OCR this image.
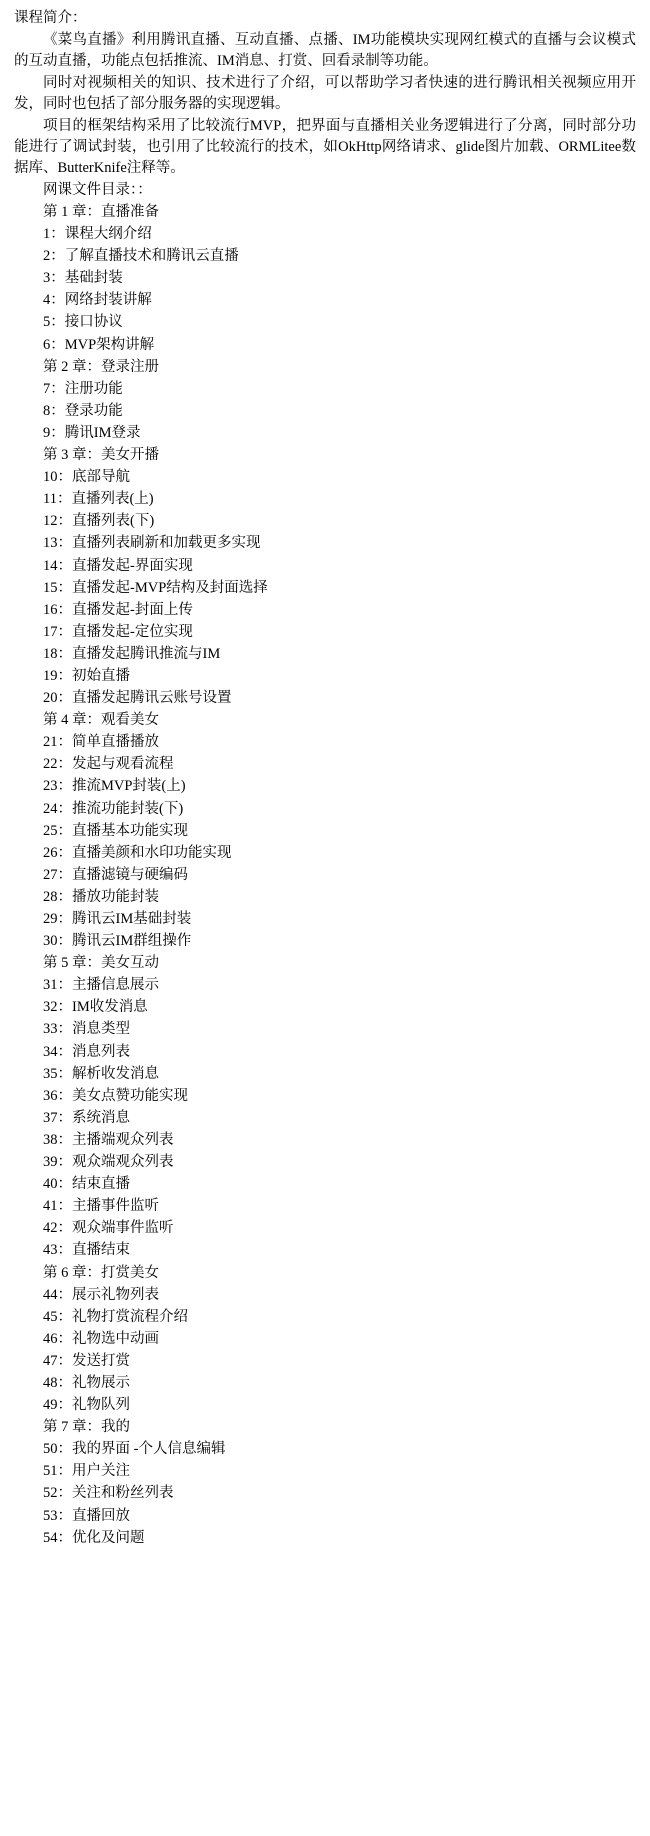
课程简介：

《菜鸟直播》利用腾讯直播、互动直播、点播、IM功能模块实现网红模式的直播与会议模式的互动直播，功能点包括推流、IM消息、打赏、回看录制等功能。

同时对视频相关的知识、技术进行了介绍，可以帮助学习者快速的进行腾讯相关视频应用开发，同时也包括了部分服务器的实现逻辑。

项目的框架结构采用了比较流行MVP，把界面与直播相关业务逻辑进行了分离，同时部分功能进行了调试封装，也引用了比较流行的技术，如OkHttp网络请求、glide图片加载、ORMLitee数据库、ButterKnife注释等。

网课文件目录：：

第 1 章：直播准备
1：课程大纲介绍
2：了解直播技术和腾讯云直播
3：基础封装
4：网络封装讲解
5：接口协议
6：MVP架构讲解
第 2 章：登录注册
7：注册功能
8：登录功能
9：腾讯IM登录
第 3 章：美女开播
10：底部导航
11：直播列表(上)
12：直播列表(下)
13：直播列表刷新和加载更多实现
14：直播发起-界面实现
15：直播发起-MVP结构及封面选择
16：直播发起-封面上传
17：直播发起-定位实现
18：直播发起腾讯推流与IM
19：初始直播
20：直播发起腾讯云账号设置
第 4 章：观看美女
21：简单直播播放
22：发起与观看流程
23：推流MVP封装(上)
24：推流功能封装(下)
25：直播基本功能实现
26：直播美颜和水印功能实现
27：直播滤镜与硬编码
28：播放功能封装
29：腾讯云IM基础封装
30：腾讯云IM群组操作
第 5 章：美女互动
31：主播信息展示
32：IM收发消息
33：消息类型
34：消息列表
35：解析收发消息
36：美女点赞功能实现
37：系统消息
38：主播端观众列表
39：观众端观众列表
40：结束直播
41：主播事件监听
42：观众端事件监听
43：直播结束
第 6 章：打赏美女
44：展示礼物列表
45：礼物打赏流程介绍
46：礼物选中动画
47：发送打赏
48：礼物展示
49：礼物队列
第 7 章：我的
50：我的界面 -个人信息编辑
51：用户关注
52：关注和粉丝列表
53：直播回放
54：优化及问题
